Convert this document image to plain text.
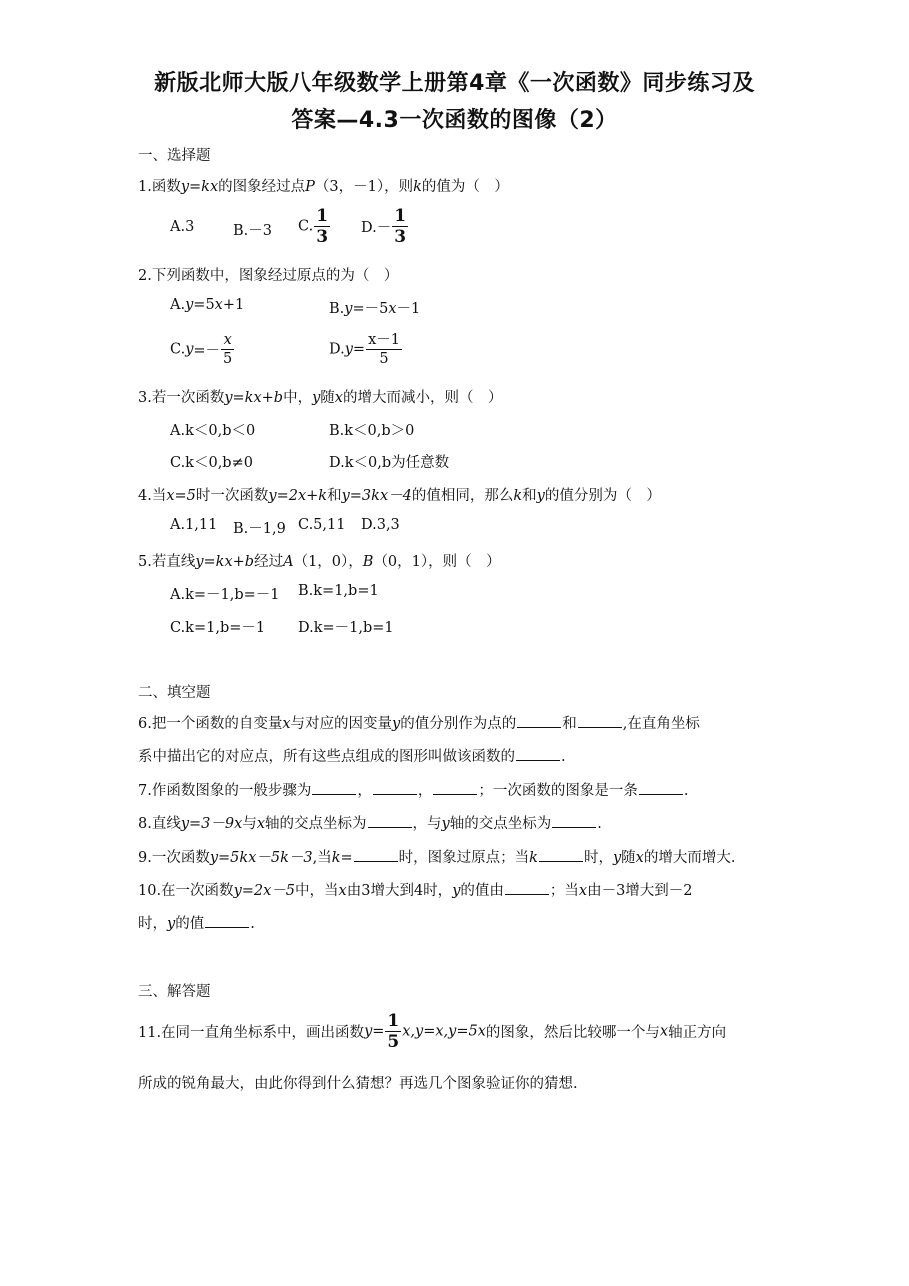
新版北师大版八年级数学上册第4章《一次函数》同步练习及
答案—4.3一次函数的图像（2）
一、选择题
1.函数y=kx的图象经过点P（3，－1），则k的值为（　）
A.3	B.－3 C. $\frac{1}{3} D.- \frac{1}{3}$
2.下列函数中，图象经过原点的为（　）
A.y=5x+1	B.y=－5x－1
$C.y=- \frac{x}{5}$	$D.y= \frac{x-1}{5}$
3.若一次函数y=kx+b中，y随x的增大而减小，则（　）
A.k＜0,b＜0	B.k＜0,b＞0
C.k＜0,b≠0	D.k＜0,b为任意数
4.当x=5时一次函数y=2x+k和y=3kx－4的值相同，那么k和y的值分别为（　）
A.1,11 B.－1,9 C.5,11 D.3,3
5.若直线y=kx+b经过A（1，0），B（0，1），则（　）
A.k=－1,b=－1 B.k=1,b=1
C.k=1,b=－1 D.k=－1,b=1
二、填空题
6.把一个函数的自变量x与对应的因变量y的值分别作为点的	和	,在直角坐标
系中描出它的对应点，所有这些点组成的图形叫做该函数的	.
7.作函数图象的一般步骤为	，	，	；一次函数的图象是一条	.
8.直线y=3－9x与x轴的交点坐标为	，与y轴的交点坐标为	.
9.一次函数y=5kx－5k－3,当k=	时，图象过原点；当k	时，y随x的增大而增大.
10.在一次函数y=2x－5中，当x由3增大到4时，y的值由	；当x由－3增大到－2
时，y的值	.
三、解答题
11.在同一直角坐标系中，画出函数$y= \frac{1}{5} x,y=x,y=5x$的图象，然后比较哪一个与x轴正方向
所成的锐角最大，由此你得到什么猜想？再选几个图象验证你的猜想.
